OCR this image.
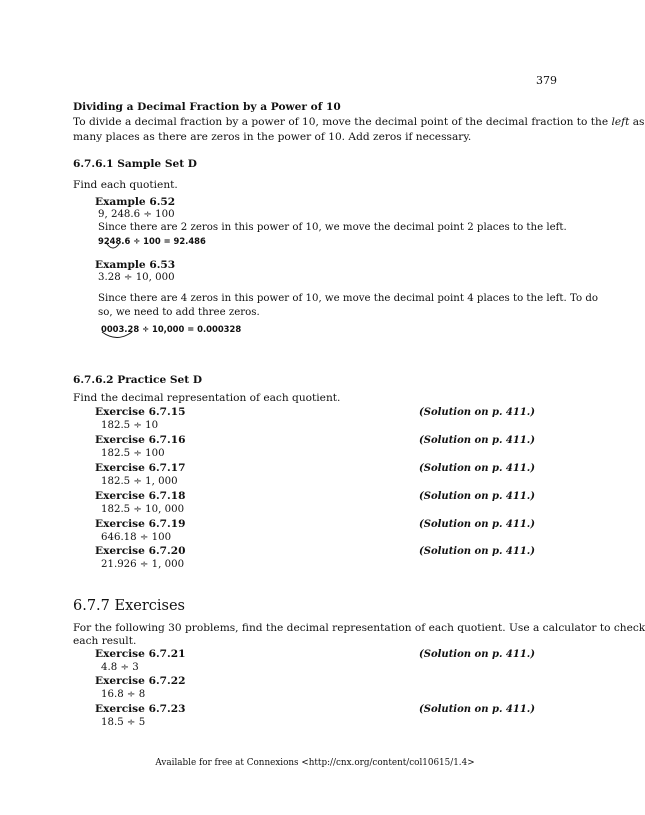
379
Dividing a Decimal Fraction by a Power of 10
To divide a decimal fraction by a power of 10, move the decimal point of the decimal fraction to the left as
many places as there are zeros in the power of 10. Add zeros if necessary.
6.7.6.1 Sample Set D
Find each quotient.
Example 6.52
9, 248.6 ÷ 100
Since there are 2 zeros in this power of 10, we move the decimal point 2 places to the left.
9248.6 ÷ 100 = 92.486
Example 6.53
3.28 ÷ 10, 000
Since there are 4 zeros in this power of 10, we move the decimal point 4 places to the left. To do
so, we need to add three zeros.
0003.28 ÷ 10,000 = 0.000328
6.7.6.2 Practice Set D
Find the decimal representation of each quotient.
Exercise 6.7.15	(Solution on p. 411.)
182.5 ÷ 10
Exercise 6.7.16	(Solution on p. 411.)
182.5 ÷ 100
Exercise 6.7.17	(Solution on p. 411.)
182.5 ÷ 1, 000
Exercise 6.7.18	(Solution on p. 411.)
182.5 ÷ 10, 000
Exercise 6.7.19	(Solution on p. 411.)
646.18 ÷ 100
Exercise 6.7.20	(Solution on p. 411.)
21.926 ÷ 1, 000
6.7.7 Exercises
For the following 30 problems, find the decimal representation of each quotient. Use a calculator to check
each result.
Exercise 6.7.21	(Solution on p. 411.)
4.8 ÷ 3
Exercise 6.7.22
16.8 ÷ 8
Exercise 6.7.23	(Solution on p. 411.)
18.5 ÷ 5
Available for free at Connexions <http://cnx.org/content/col10615/1.4>
